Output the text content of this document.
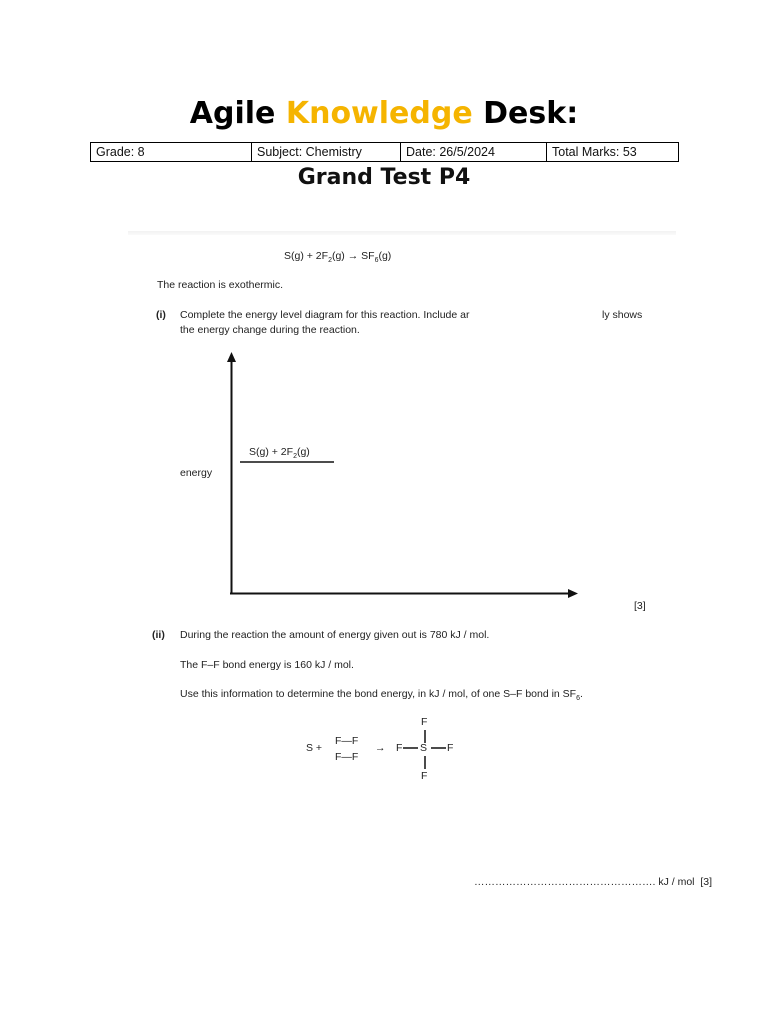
Agile Knowledge Desk:
Grade: 8	Subject: Chemistry	Date: 26/5/2024	Total Marks: 53
Grand Test P4
$S(g) + 2F_2(g) \to SF_6(g)$
The reaction is exothermic.
(i) Complete the energy level diagram for this reaction. Include ar	ly shows
the energy change during the reaction.
energy
$S(g) + 2F_2(g)$
[3]
(ii) During the reaction the amount of energy given out is 780 kJ / mol.
The F–F bond energy is 160 kJ / mol.
Use this information to determine the bond energy, in kJ / mol, of one S–F bond in $SF_6$.
S +
F—F
F—F
→
F
F S F
F
……………………………………………. kJ / mol [3]
